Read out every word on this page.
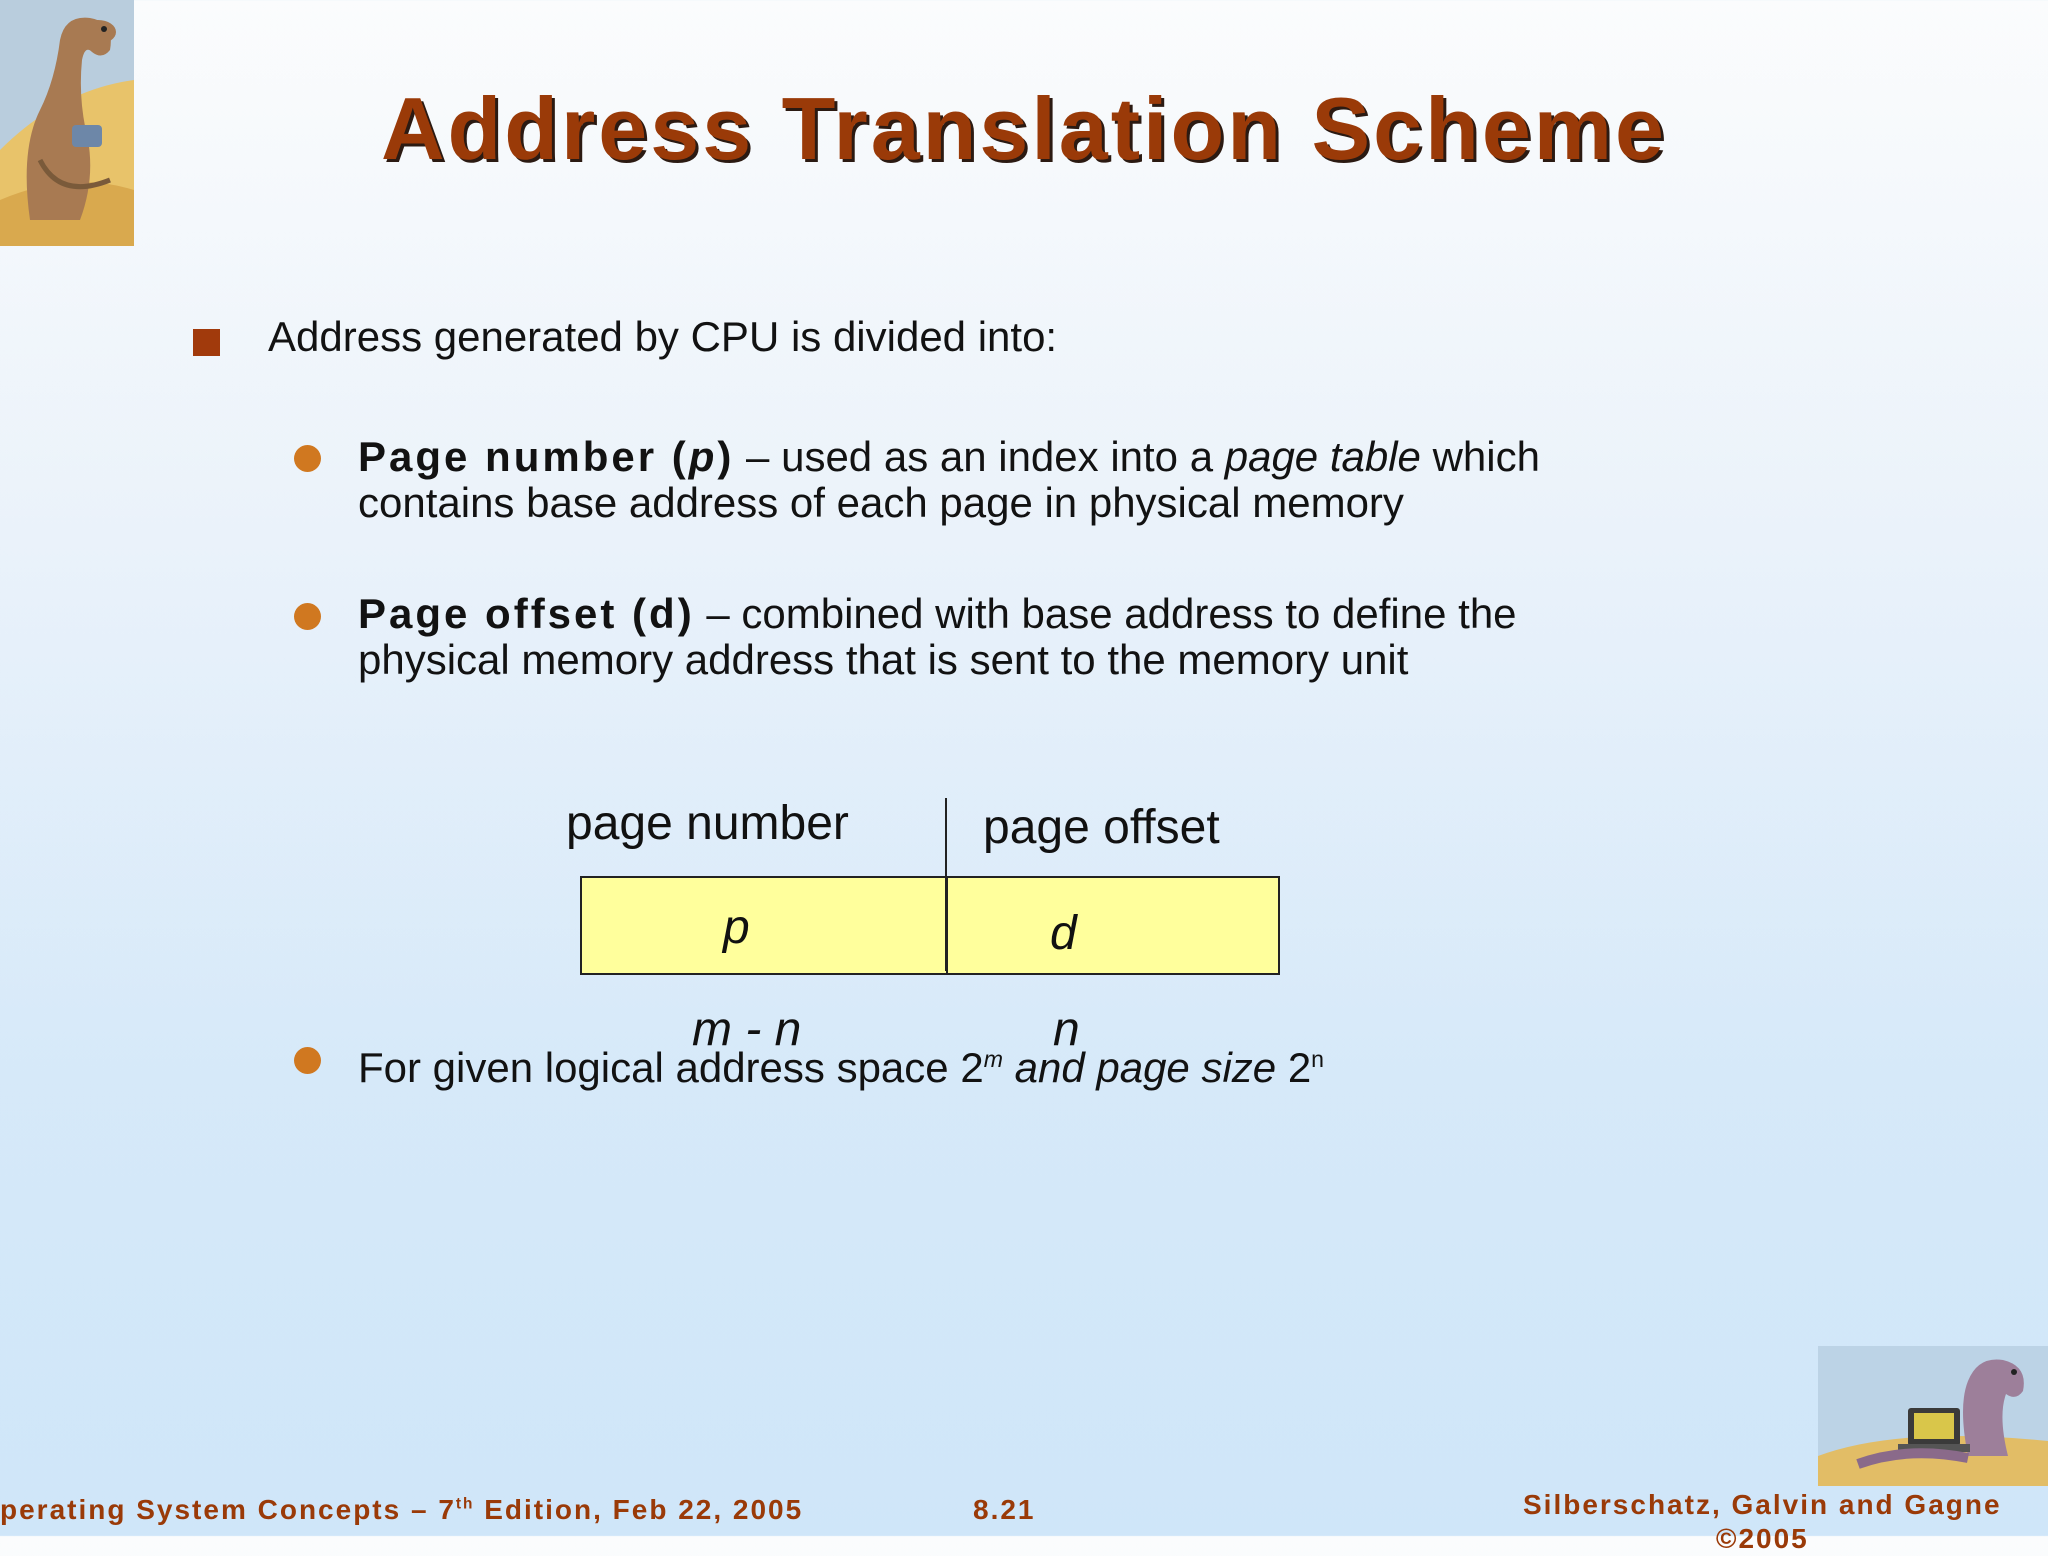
Address Translation Scheme
Address generated by CPU is divided into:
Page number (p) – used as an index into a page table which
contains base address of each page in physical memory
Page offset (d) – combined with base address to define the
physical memory address that is sent to the memory unit
page number	page offset
p	d
m - n	n
For given logical address space 2$^m$ and page size 2$^n$
perating System Concepts – 7th Edition, Feb 22, 2005	8.21	Silberschatz, Galvin and Gagne
©2005
